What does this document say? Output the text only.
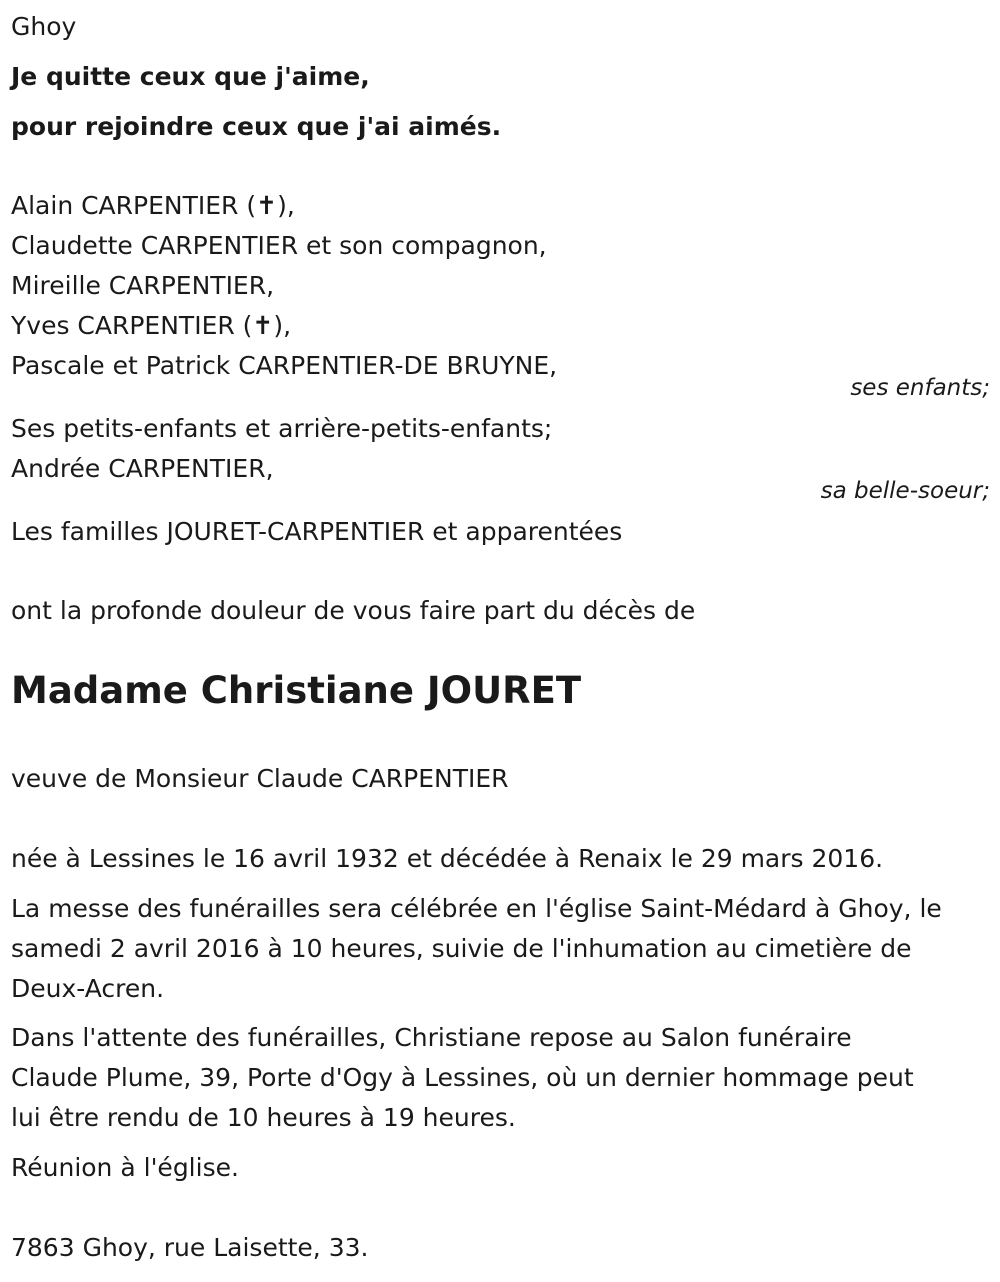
Ghoy
Je quitte ceux que j'aime,
pour rejoindre ceux que j'ai aimés.
Alain CARPENTIER (✝),
Claudette CARPENTIER et son compagnon,
Mireille CARPENTIER,
Yves CARPENTIER (✝),
Pascale et Patrick CARPENTIER-DE BRUYNE,
ses enfants;
Ses petits-enfants et arrière-petits-enfants;
Andrée CARPENTIER,
sa belle-soeur;
Les familles JOURET-CARPENTIER et apparentées
ont la profonde douleur de vous faire part du décès de
Madame Christiane JOURET
veuve de Monsieur Claude CARPENTIER
née à Lessines le 16 avril 1932 et décédée à Renaix le 29 mars 2016.
La messe des funérailles sera célébrée en l'église Saint-Médard à Ghoy, le
samedi 2 avril 2016 à 10 heures, suivie de l'inhumation au cimetière de
Deux-Acren.
Dans l'attente des funérailles, Christiane repose au Salon funéraire
Claude Plume, 39, Porte d'Ogy à Lessines, où un dernier hommage peut
lui être rendu de 10 heures à 19 heures.
Réunion à l'église.
7863 Ghoy, rue Laisette, 33.
